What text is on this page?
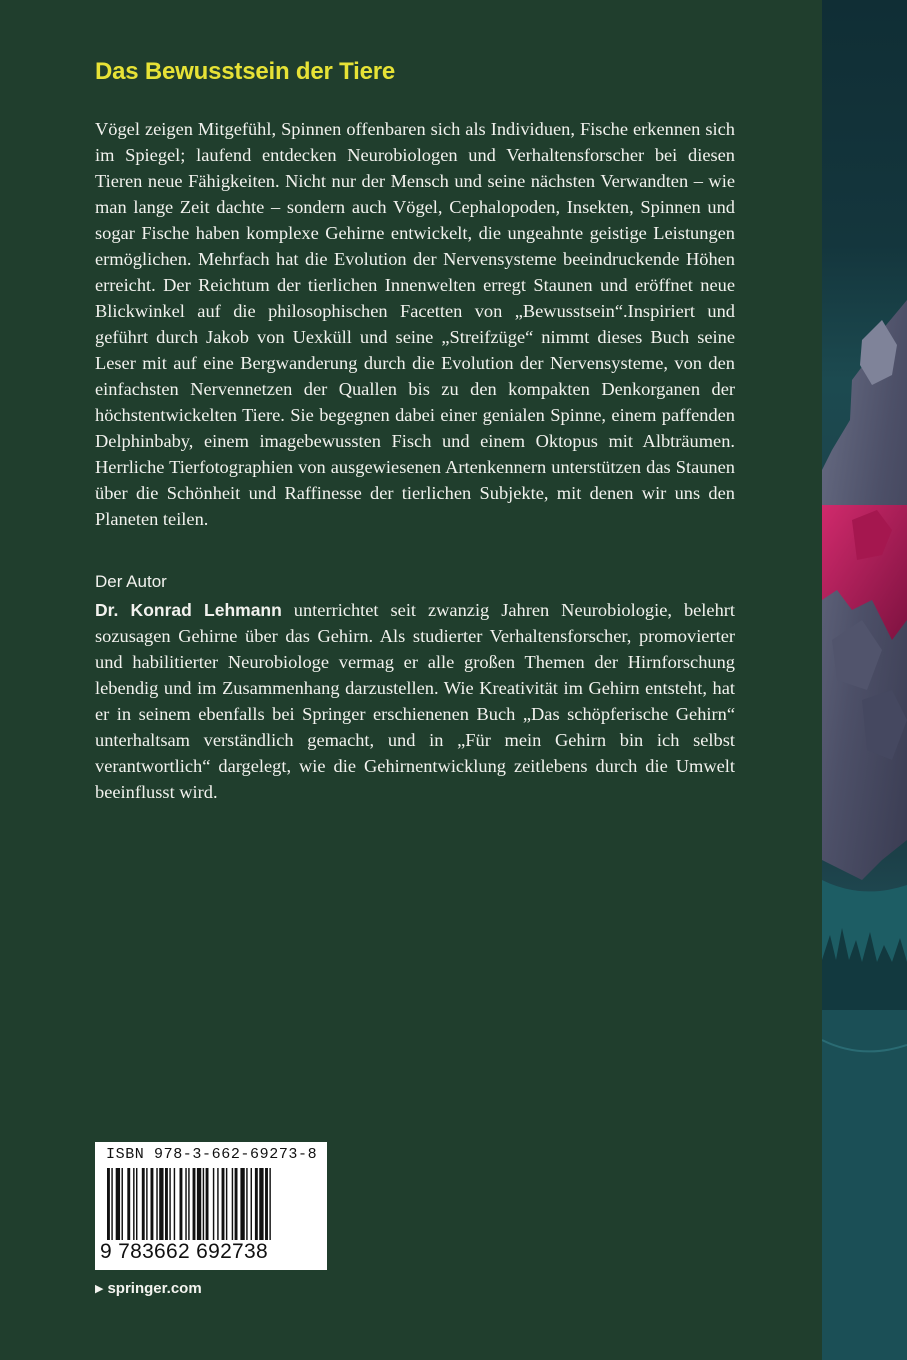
Das Bewusstsein der Tiere

Vögel zeigen Mitgefühl, Spinnen offenbaren sich als Individuen, Fische erkennen sich im Spiegel; laufend entdecken Neurobiologen und Verhaltensforscher bei diesen Tieren neue Fähigkeiten. Nicht nur der Mensch und seine nächsten Verwandten – wie man lange Zeit dachte – sondern auch Vögel, Cephalopoden, Insekten, Spinnen und sogar Fische haben komplexe Gehirne entwickelt, die ungeahnte geistige Leistungen ermöglichen. Mehrfach hat die Evolution der Nervensysteme beeindruckende Höhen erreicht. Der Reichtum der tierlichen Innenwelten erregt Staunen und eröffnet neue Blickwinkel auf die philosophischen Facetten von „Bewusstsein“.Inspiriert und geführt durch Jakob von Uexküll und seine „Streifzüge“ nimmt dieses Buch seine Leser mit auf eine Bergwanderung durch die Evolution der Nervensysteme, von den einfachsten Nervennetzen der Quallen bis zu den kompakten Denkorganen der höchstentwickelten Tiere. Sie begegnen dabei einer genialen Spinne, einem paffenden Delphinbaby, einem imagebewussten Fisch und einem Oktopus mit Albträumen. Herrliche Tierfotographien von ausgewiesenen Artenkennern unterstützen das Staunen über die Schönheit und Raffinesse der tierlichen Subjekte, mit denen wir uns den Planeten teilen.

Der Autor

Dr. Konrad Lehmann unterrichtet seit zwanzig Jahren Neurobiologie, belehrt sozusagen Gehirne über das Gehirn. Als studierter Verhaltensforscher, promovierter und habilitierter Neurobiologe vermag er alle großen Themen der Hirnforschung lebendig und im Zusammenhang darzustellen. Wie Kreativität im Gehirn entsteht, hat er in seinem ebenfalls bei Springer erschienenen Buch „Das schöpferische Gehirn“ unterhaltsam verständlich gemacht, und in „Für mein Gehirn bin ich selbst verantwortlich“ dargelegt, wie die Gehirnentwicklung zeitlebens durch die Umwelt beeinflusst wird.

ISBN 978-3-662-69273-8

9 783662 692738

▶ springer.com
